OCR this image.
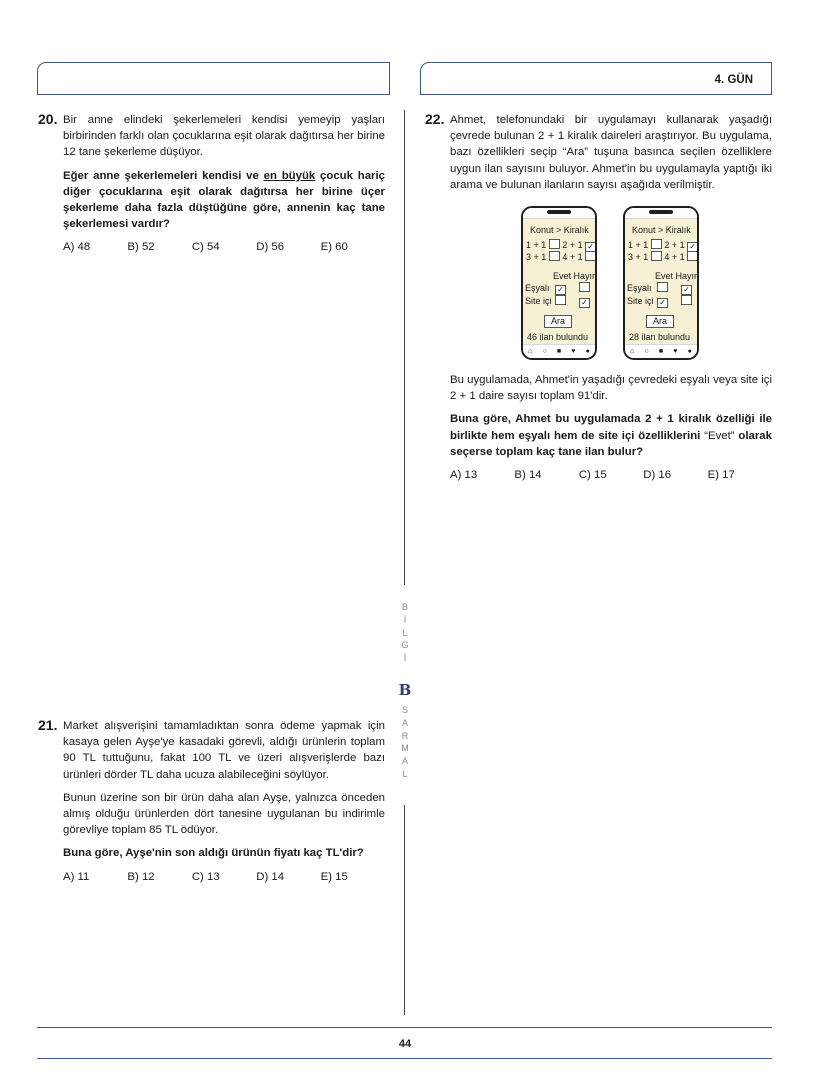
4. GÜN
20. Bir anne elindeki şekerlemeleri kendisi yemeyip yaşları birbirinden farklı olan çocuklarına eşit olarak dağıtırsa her birine 12 tane şekerleme düşüyor.

Eğer anne şekerlemeleri kendisi ve en büyük çocuk hariç diğer çocuklarına eşit olarak dağıtırsa her birine üçer şekerleme daha fazla düştüğüne göre, annenin kaç tane şekerlemesi vardır?

A) 48	B) 52	C) 54	D) 56	E) 60
21. Market alışverişini tamamladıktan sonra ödeme yapmak için kasaya gelen Ayşe'ye kasadaki görevli, aldığı ürünlerin toplam 90 TL tuttuğunu, fakat 100 TL ve üzeri alışverişlerde bazı ürünleri dörder TL daha ucuza alabileceğini söylüyor.

Bunun üzerine son bir ürün daha alan Ayşe, yalnızca önceden almış olduğu ürünlerden dört tanesine uygulanan bu indirimle görevliye toplam 85 TL ödüyor.

Buna göre, Ayşe'nin son aldığı ürünün fiyatı kaç TL'dir?

A) 11	B) 12	C) 13	D) 14	E) 15
22. Ahmet, telefonundaki bir uygulamayı kullanarak yaşadığı çevrede bulunan 2 + 1 kiralık daireleri araştırıyor. Bu uygulama, bazı özellikleri seçip “Ara” tuşuna basınca seçilen özelliklere uygun ilan sayısını buluyor. Ahmet'in bu uygulamayla yaptığı iki arama ve bulunan ilanların sayısı aşağıda verilmiştir.

Bu uygulamada, Ahmet'in yaşadığı çevredeki eşyalı veya site içi 2 + 1 daire sayısı toplam 91'dir.

Buna göre, Ahmet bu uygulamada 2 + 1 kiralık özelliği ile birlikte hem eşyalı hem de site içi özelliklerini “Evet” olarak seçerse toplam kaç tane ilan bulur?

A) 13	B) 14	C) 15	D) 16	E) 17
Konut > Kiralık
1 + 1 2 + 1 ✓
3 + 1 4 + 1
Evet Hayır
Eşyalı ✓
Site içi	✓
Ara
46 ilan bulundu
⌂ ○ ■ ♥ ●
Konut > Kiralık
1 + 1 2 + 1 ✓
3 + 1 4 + 1
Evet Hayır
Eşyalı	✓
Site içi ✓
Ara
28 ilan bulundu
⌂ ○ ■ ♥ ●
B
İ
L
G
İ
B
S
A
R
M
A
L
44
